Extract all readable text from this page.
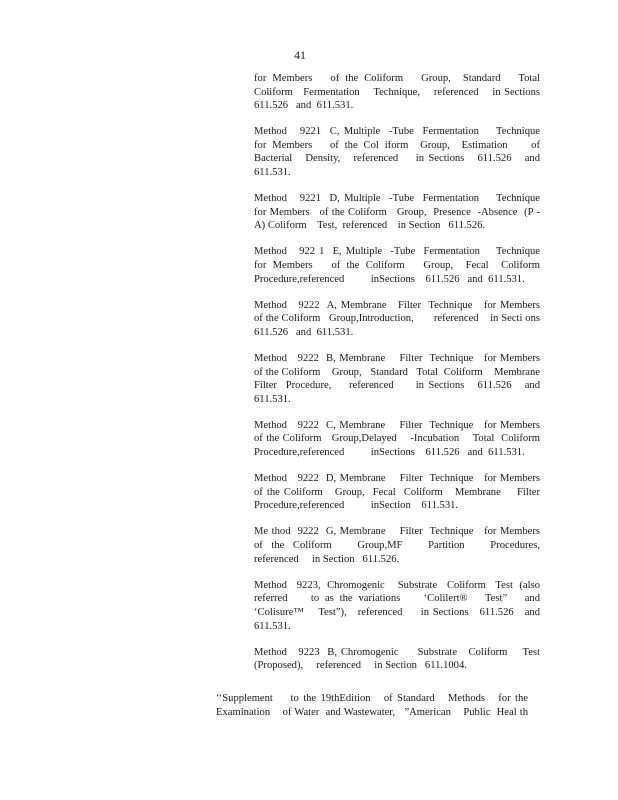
41
for Members   of the Coliform   Group,  Standard   Total
Coliform   Fermentation    Technique,    referenced    in Sections
611.526   and  611.531.
Method   9221  C, Multiple  -Tube  Fermentation    Technique
for Members   of the Col iform  Group,  Estimation    of
Bacterial   Density,   referenced    in Sections   611.526   and
611.531.
Method   9221  D, Multiple  -Tube  Fermentation    Technique
for Members   of the Coliform   Group,  Presence  -Absence  (P -
A) Coliform    Test,  referenced    in Section   611.526.
Method   922 1  E, Multiple  -Tube  Fermentation    Technique
for Members   of the Coliform   Group,  Fecal  Coliform
Procedure,referenced          inSections    611.526   and  611.531.
Method   9222  A, Membrane   Filter  Technique   for Members
of the Coliform   Group,Introduction,       referenced    in Secti ons
611.526   and  611.531.
Method   9222  B, Membrane    Filter  Technique   for Members
of the Coliform    Group,   Standard   Total  Coliform    Membrane
Filter  Procedure,    referenced     in Sections   611.526   and
611.531.
Method   9222  C, Membrane    Filter  Technique   for Members
of the Coliform   Group,Delayed    -Incubation    Total  Coliform
Procedure,referenced          inSections    611.526   and  611.531.
Method   9222  D, Membrane    Filter  Technique   for Members
of the Coliform   Group,  Fecal  Coliform   Membrane    Filter
Procedure,referenced          inSection    611.531.
Me thod  9222  G, Membrane    Filter  Technique   for Members
of the Coliform   Group,MF   Partition   Procedures,
referenced     in Section   611.526.
Method   9223,  Chromogenic    Substrate   Coliform   Test  (also
referred    to as the variations    ‘Colilert®   Test”   and
‘Colisure™    Test”),   referenced     in Sections   611.526   and
611.531.
Method   9223  B, Chromogenic     Substrate   Coliform    Test
(Proposed),     referenced     in Section   611.1004.
‘‘Supplement    to the 19thEdition   of Standard   Methods   for the
Examination    of Water  and Wastewater,   ”American    Public  Heal th
